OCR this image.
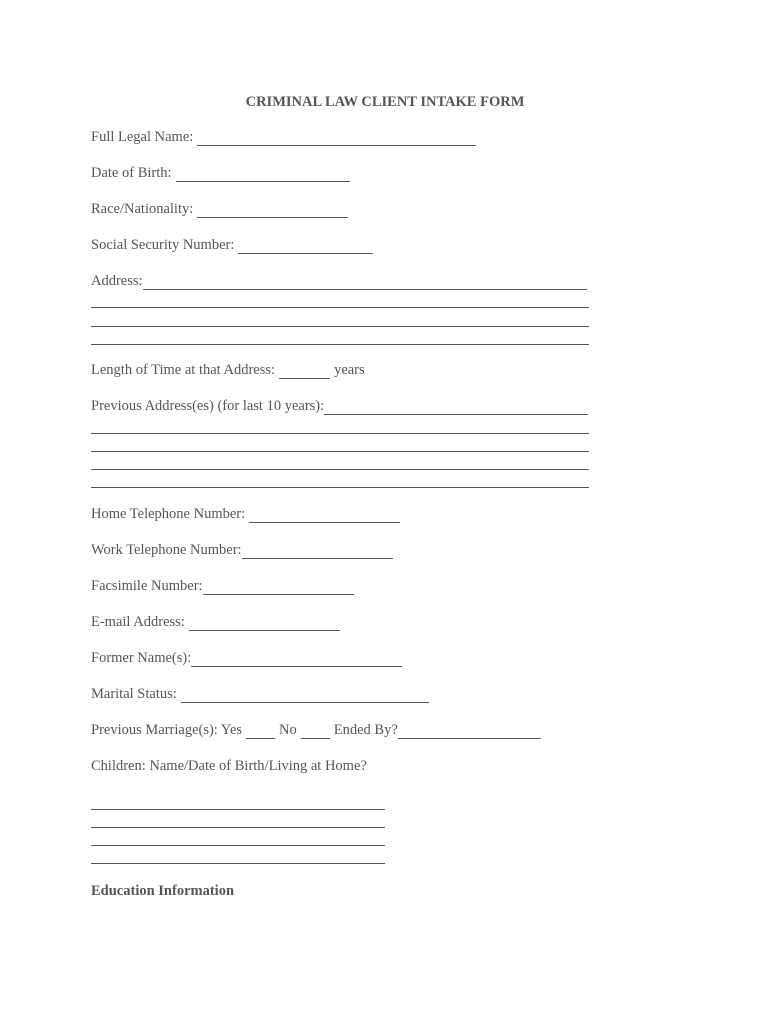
CRIMINAL LAW CLIENT INTAKE FORM
Full Legal Name:
Date of Birth:
Race/Nationality:
Social Security Number:
Address:
Length of Time at that Address:	years
Previous Address(es) (for last 10 years):
Home Telephone Number:
Work Telephone Number:
Facsimile Number:
E-mail Address:
Former Name(s):
Marital Status:
Previous Marriage(s): Yes	No	Ended By?
Children: Name/Date of Birth/Living at Home?
Education Information
